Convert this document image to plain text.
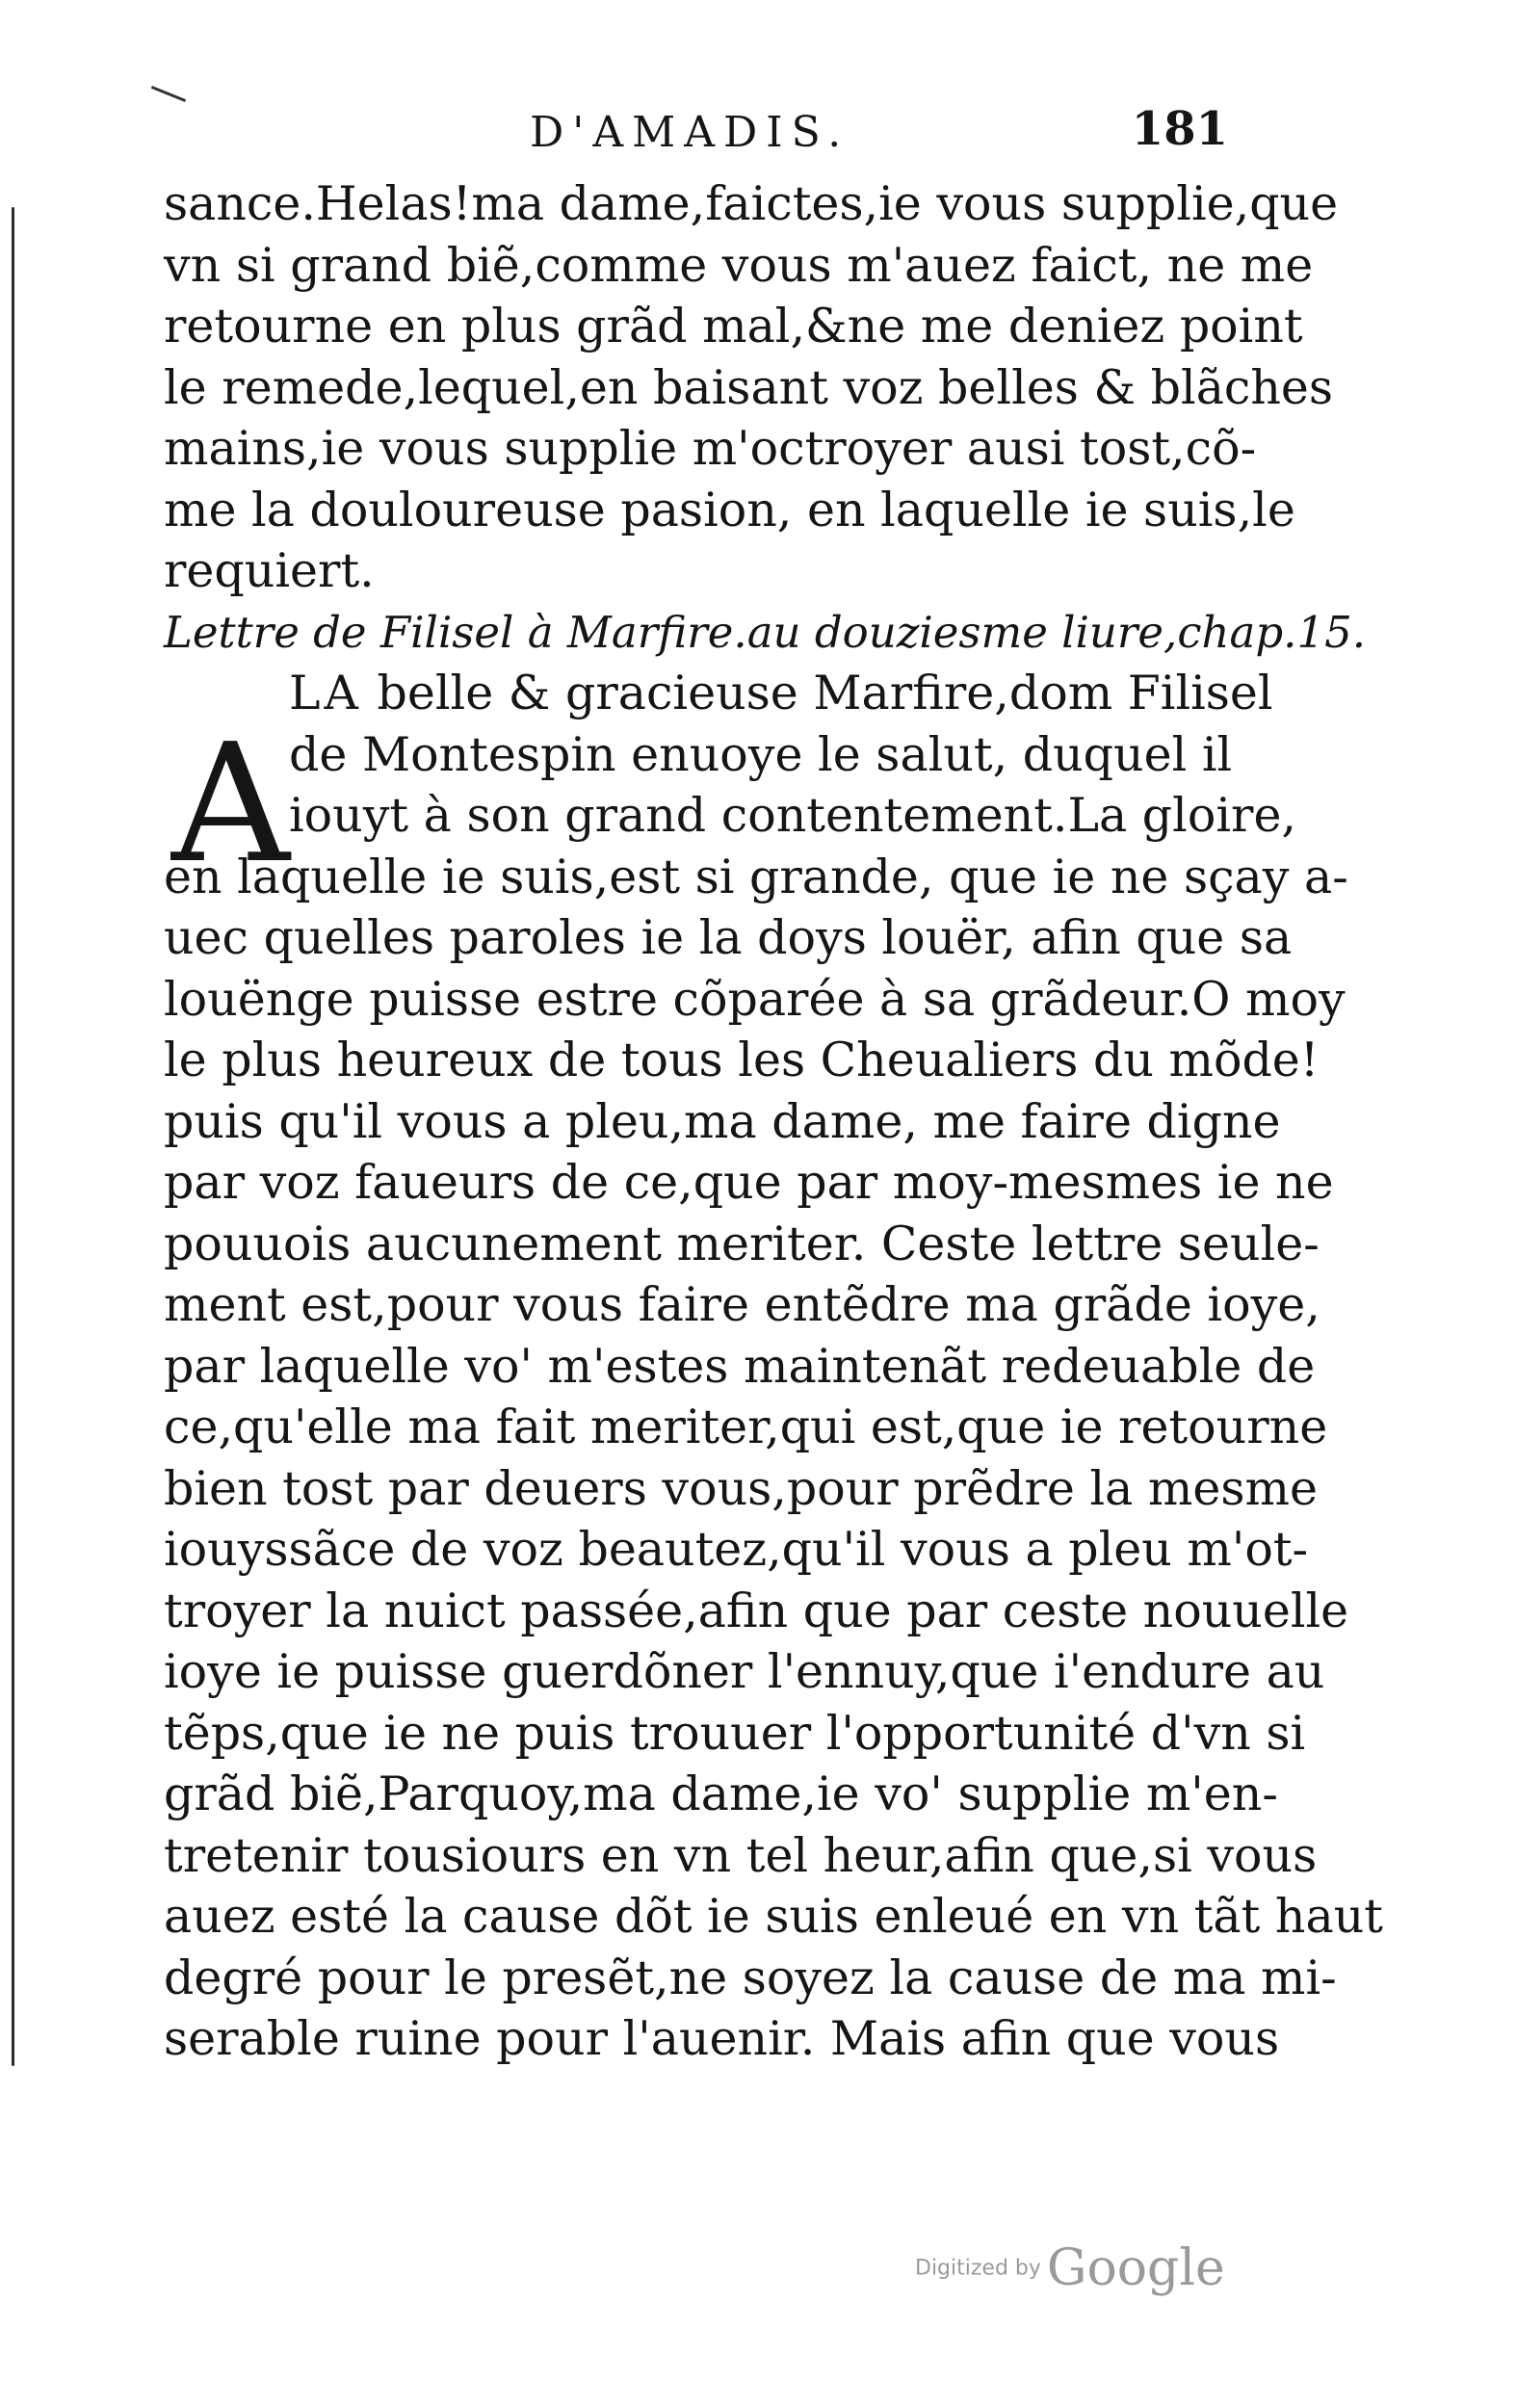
D'AMADIS.	181
sance.Helas!ma dame,faictes,ie vous supplie,que
vn si grand biẽ,comme vous m'auez faict, ne me
retourne en plus grãd mal,&ne me deniez point
le remede,lequel,en baisant voz belles & blãches
mains,ie vous supplie m'octroyer ausi tost,cõ-
me la douloureuse pasion, en laquelle ie suis,le
requiert.
Lettre de Filisel à Marfire.au douziesme liure,chap.15.
A
LA belle & gracieuse Marfire,dom Filisel
de Montespin enuoye le salut, duquel il
iouyt à son grand contentement.La gloire,
en laquelle ie suis,est si grande, que ie ne sçay a-
uec quelles paroles ie la doys louër, afin que sa
louënge puisse estre cõparée à sa grãdeur.O moy
le plus heureux de tous les Cheualiers du mõde!
puis qu'il vous a pleu,ma dame, me faire digne
par voz faueurs de ce,que par moy-mesmes ie ne
pouuois aucunement meriter. Ceste lettre seule-
ment est,pour vous faire entẽdre ma grãde ioye,
par laquelle vo' m'estes maintenãt redeuable de
ce,qu'elle ma fait meriter,qui est,que ie retourne
bien tost par deuers vous,pour prẽdre la mesme
iouyssãce de voz beautez,qu'il vous a pleu m'ot-
troyer la nuict passée,afin que par ceste nouuelle
ioye ie puisse guerdõner l'ennuy,que i'endure au
tẽps,que ie ne puis trouuer l'opportunité d'vn si
grãd biẽ,Parquoy,ma dame,ie vo' supplie m'en-
tretenir tousiours en vn tel heur,afin que,si vous
auez esté la cause dõt ie suis enleué en vn tãt haut
degré pour le presẽt,ne soyez la cause de ma mi-
serable ruine pour l'auenir. Mais afin que vous
Digitized by Google
